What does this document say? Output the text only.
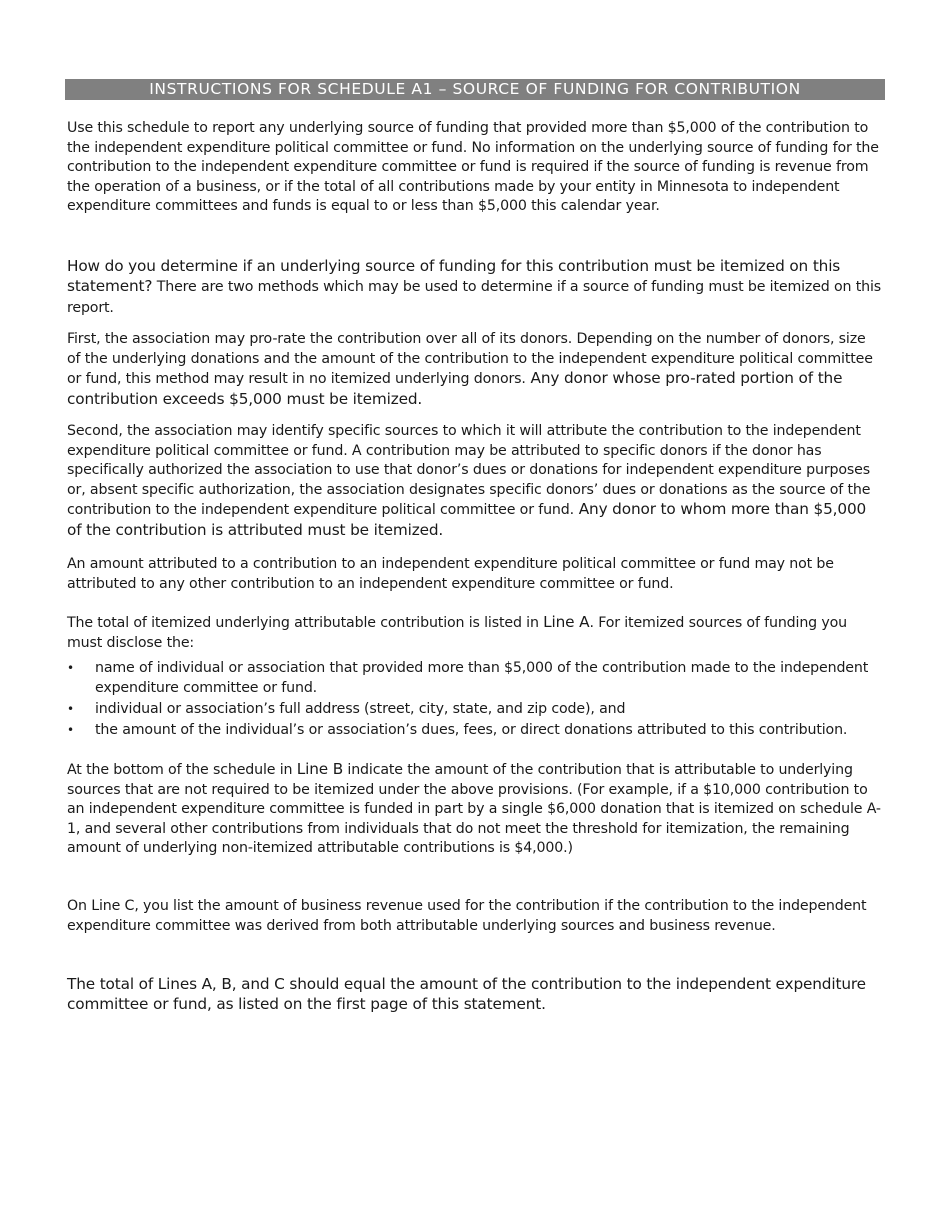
INSTRUCTIONS FOR SCHEDULE A1 – SOURCE OF FUNDING FOR CONTRIBUTION

Use this schedule to report any underlying source of funding that provided more than $5,000 of the contribution to the independent expenditure political committee or fund. No information on the underlying source of funding for the contribution to the independent expenditure committee or fund is required if the source of funding is revenue from the operation of a business, or if the total of all contributions made by your entity in Minnesota to independent expenditure committees and funds is equal to or less than $5,000 this calendar year.

How do you determine if an underlying source of funding for this contribution must be itemized on this statement? There are two methods which may be used to determine if a source of funding must be itemized on this report.

First, the association may pro-rate the contribution over all of its donors. Depending on the number of donors, size of the underlying donations and the amount of the contribution to the independent expenditure political committee or fund, this method may result in no itemized underlying donors. Any donor whose pro-rated portion of the contribution exceeds $5,000 must be itemized.

Second, the association may identify specific sources to which it will attribute the contribution to the independent expenditure political committee or fund. A contribution may be attributed to specific donors if the donor has specifically authorized the association to use that donor’s dues or donations for independent expenditure purposes or, absent specific authorization, the association designates specific donors’ dues or donations as the source of the contribution to the independent expenditure political committee or fund. Any donor to whom more than $5,000 of the contribution is attributed must be itemized.

An amount attributed to a contribution to an independent expenditure political committee or fund may not be attributed to any other contribution to an independent expenditure committee or fund.

The total of itemized underlying attributable contribution is listed in Line A. For itemized sources of funding you must disclose the:

• name of individual or association that provided more than $5,000 of the contribution made to the independent expenditure committee or fund.
• individual or association’s full address (street, city, state, and zip code), and
• the amount of the individual’s or association’s dues, fees, or direct donations attributed to this contribution.

At the bottom of the schedule in Line B indicate the amount of the contribution that is attributable to underlying sources that are not required to be itemized under the above provisions. (For example, if a $10,000 contribution to an independent expenditure committee is funded in part by a single $6,000 donation that is itemized on schedule A-1, and several other contributions from individuals that do not meet the threshold for itemization, the remaining amount of underlying non-itemized attributable contributions is $4,000.)

On Line C, you list the amount of business revenue used for the contribution if the contribution to the independent expenditure committee was derived from both attributable underlying sources and business revenue.

The total of Lines A, B, and C should equal the amount of the contribution to the independent expenditure committee or fund, as listed on the first page of this statement.
